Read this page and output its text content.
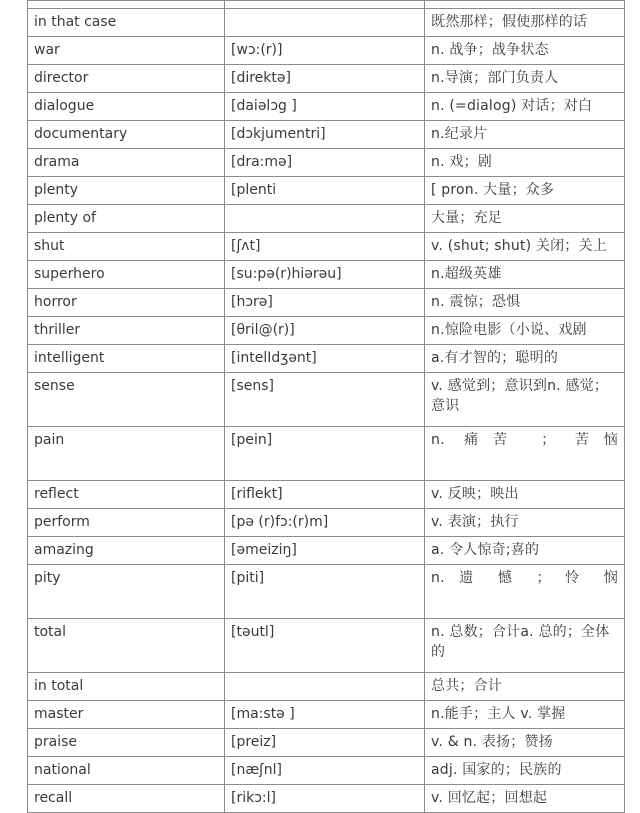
in that case		既然那样；假使那样的话
war	[wɔ:(r)]	n. 战争；战争状态
director	[direktə]	n.导演；部门负责人
dialogue	[daiəlɔg ]	n. (=dialog) 对话；对白
documentary	[dɔkjumentri]	n.纪录片
drama	[dra:mə]	n. 戏；剧
plenty	[plenti	[ pron. 大量；众多
plenty of		大量；充足
shut	[ʃʌt]	v. (shut; shut) 关闭；关上
superhero	[su:pə(r)hiərəu]	n.超级英雄
horror	[hɔrə]	n. 震惊；恐惧
thriller	[θril@(r)]	n.惊险电影（小说、戏剧
intelligent	[intelIdʒənt]	a.有才智的；聪明的
sense	[sens]	v. 感觉到；意识到n. 感觉；意识
pain	[pein]	n. 痛苦 ； 苦恼
reflect	[riflekt]	v. 反映；映出
perform	[pə (r)fɔ:(r)m]	v. 表演；执行
amazing	[əmeiziŋ]	a. 令人惊奇;喜的
pity	[piti]	n. 遗 憾 ； 怜 悯
total	[təutl]	n. 总数；合计a. 总的；全体的
in total		总共；合计
master	[ma:stə ]	n.能手；主人 v. 掌握
praise	[preiz]	v. & n. 表扬；赞扬
national	[næʃnl]	adj. 国家的；民族的
recall	[rikɔ:l]	v. 回忆起；回想起
